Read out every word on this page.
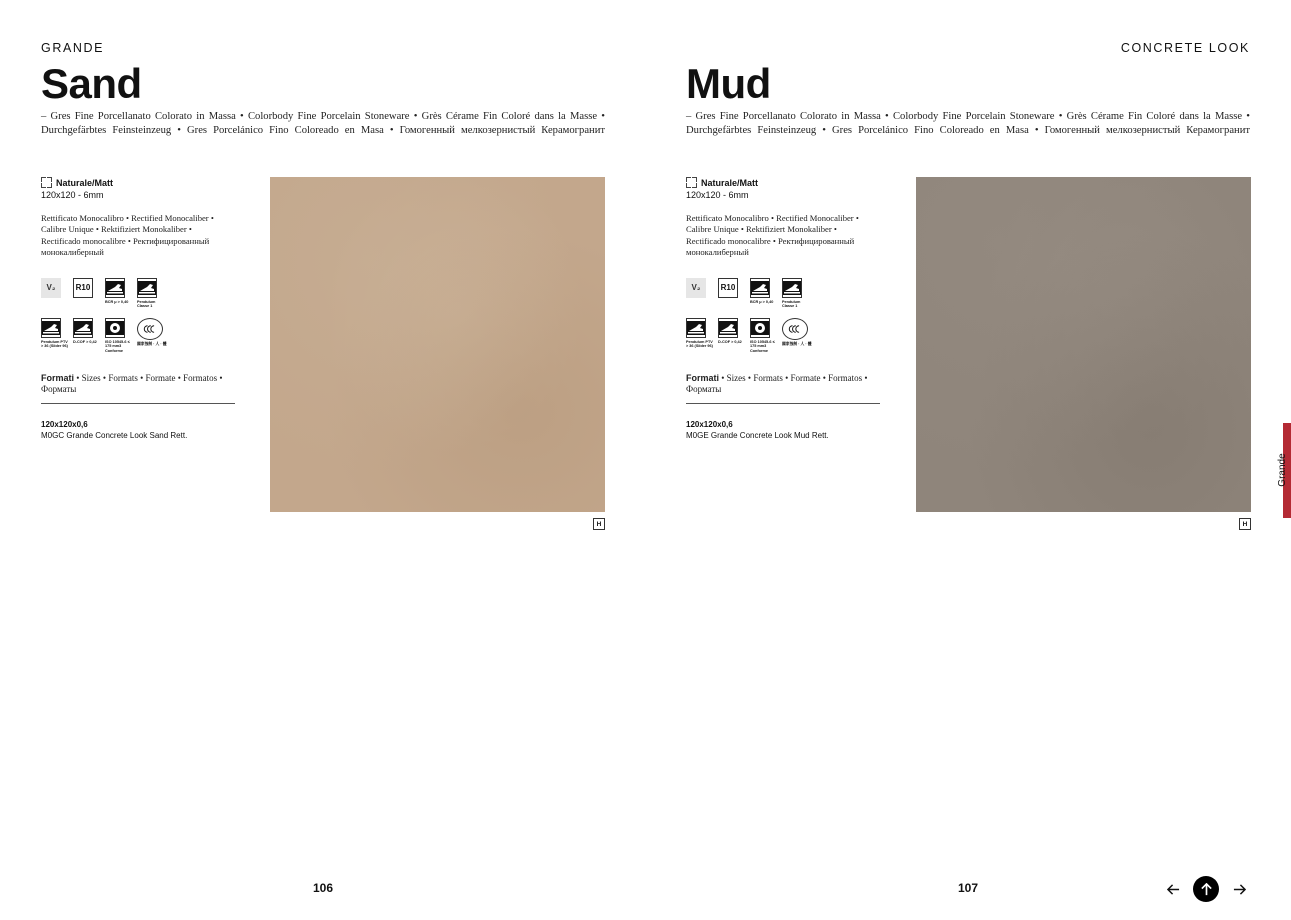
GRANDE
Sand
– Gres Fine Porcellanato Colorato in Massa • Colorbody Fine Porcelain Stoneware • Grès Cérame Fin Coloré dans la Masse •
Durchgefärbtes Feinsteinzeug • Gres Porcelánico Fino Coloreado en Masa • Гомогенный мелкозернистый Керамогранит
Naturale/Matt
120x120 - 6mm
Rettificato Monocalibro • Rectified Monocaliber • Calibre Unique • Rektifiziert Monokaliber • Rectificado monocalibre • Ректифицированный монокалиберный
V₂	R10
BCR μ > 0,40	Pendulum Classe 1
Pendulum PTV > 36 (Slider 96)
D-COF > 0,42	ISO 10545-6 ≤ 175 mm3 Conforme
國家強制 · 人 · 體
Formati • Sizes • Formats • Formate • Formatos • Форматы
120x120x0,6
M0GC Grande Concrete Look Sand Rett.
H
106
CONCRETE LOOK
Mud
– Gres Fine Porcellanato Colorato in Massa • Colorbody Fine Porcelain Stoneware • Grès Cérame Fin Coloré dans la Masse •
Durchgefärbtes Feinsteinzeug • Gres Porcelánico Fino Coloreado en Masa • Гомогенный мелкозернистый Керамогранит
Naturale/Matt
120x120 - 6mm
Rettificato Monocalibro • Rectified Monocaliber • Calibre Unique • Rektifiziert Monokaliber • Rectificado monocalibre • Ректифицированный монокалиберный
V₂	R10
BCR μ > 0,40	Pendulum Classe 1
Pendulum PTV > 36 (Slider 96)
D-COF > 0,42	ISO 10545-6 ≤ 175 mm3 Conforme
國家強制 · 人 · 體
Formati • Sizes • Formats • Formate • Formatos • Форматы
120x120x0,6
M0GE Grande Concrete Look Mud Rett.
H
107
Grande
